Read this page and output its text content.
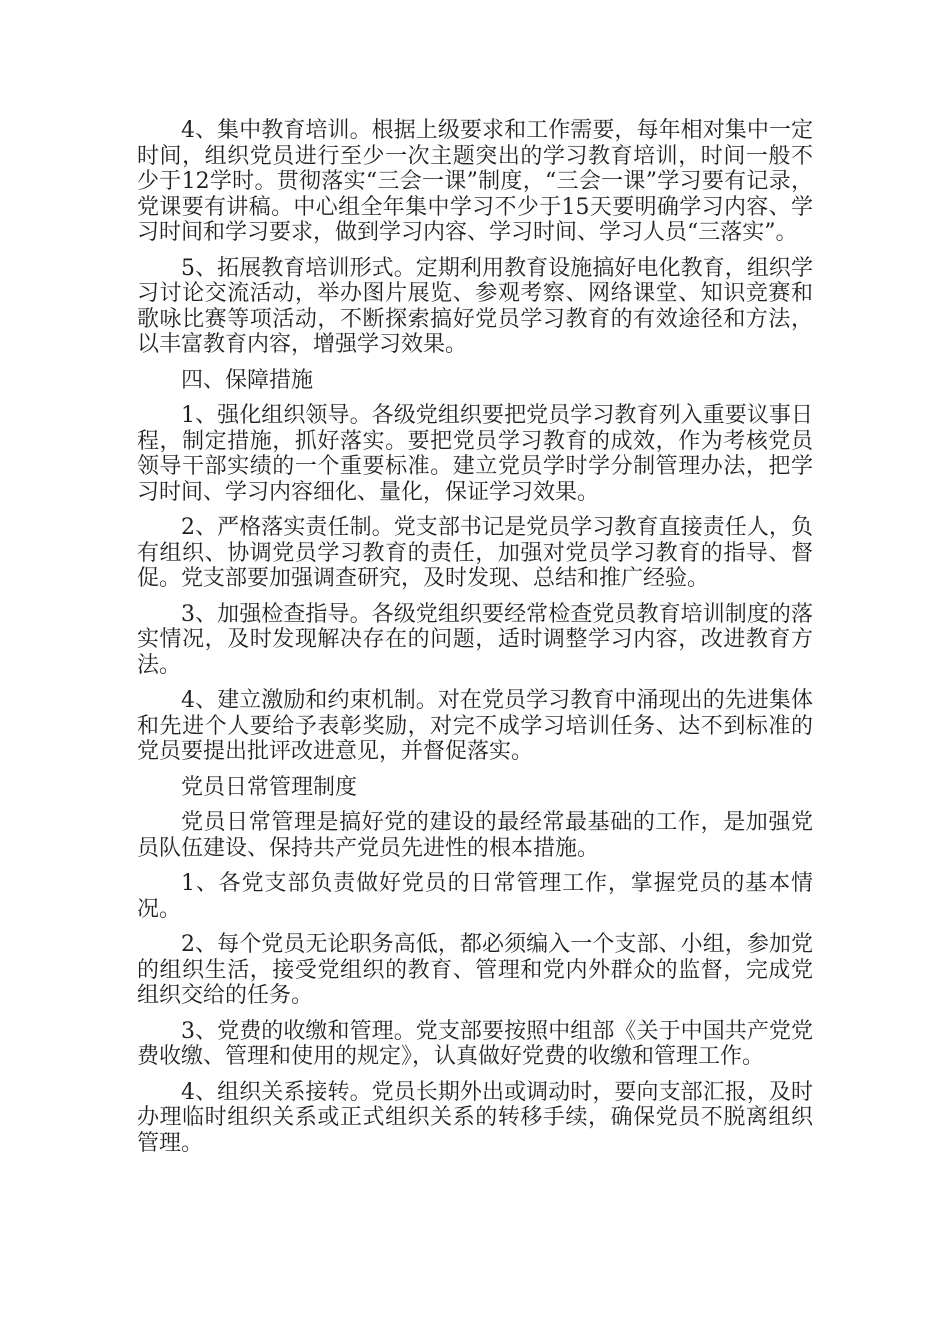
4、集中教育培训。根据上级要求和工作需要，每年相对集中一定时间，组织党员进行至少一次主题突出的学习教育培训，时间一般不少于12学时。贯彻落实“三会一课”制度，“三会一课”学习要有记录，党课要有讲稿。中心组全年集中学习不少于15天要明确学习内容、学习时间和学习要求，做到学习内容、学习时间、学习人员“三落实”。

5、拓展教育培训形式。定期利用教育设施搞好电化教育，组织学习讨论交流活动，举办图片展览、参观考察、网络课堂、知识竞赛和歌咏比赛等项活动，不断探索搞好党员学习教育的有效途径和方法，以丰富教育内容，增强学习效果。

四、保障措施

1、强化组织领导。各级党组织要把党员学习教育列入重要议事日程，制定措施，抓好落实。要把党员学习教育的成效，作为考核党员领导干部实绩的一个重要标准。建立党员学时学分制管理办法，把学习时间、学习内容细化、量化，保证学习效果。

2、严格落实责任制。党支部书记是党员学习教育直接责任人，负有组织、协调党员学习教育的责任，加强对党员学习教育的指导、督促。党支部要加强调查研究，及时发现、总结和推广经验。

3、加强检查指导。各级党组织要经常检查党员教育培训制度的落实情况，及时发现解决存在的问题，适时调整学习内容，改进教育方法。

4、建立激励和约束机制。对在党员学习教育中涌现出的先进集体和先进个人要给予表彰奖励，对完不成学习培训任务、达不到标准的党员要提出批评改进意见，并督促落实。

党员日常管理制度

党员日常管理是搞好党的建设的最经常最基础的工作，是加强党员队伍建设、保持共产党员先进性的根本措施。

1、各党支部负责做好党员的日常管理工作，掌握党员的基本情况。

2、每个党员无论职务高低，都必须编入一个支部、小组，参加党的组织生活，接受党组织的教育、管理和党内外群众的监督，完成党组织交给的任务。

3、党费的收缴和管理。党支部要按照中组部《关于中国共产党党费收缴、管理和使用的规定》，认真做好党费的收缴和管理工作。

4、组织关系接转。党员长期外出或调动时，要向支部汇报，及时办理临时组织关系或正式组织关系的转移手续，确保党员不脱离组织管理。
